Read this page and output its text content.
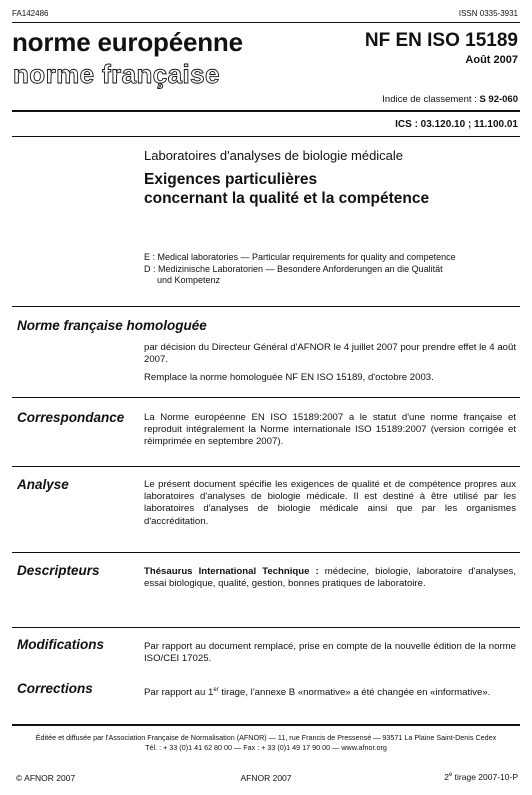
FA142486	ISSN 0335-3931
norme européenne
norme française
NF EN ISO 15189
Août 2007
Indice de classement : S 92-060
ICS : 03.120.10 ; 11.100.01
Laboratoires d'analyses de biologie médicale
Exigences particulières
concernant la qualité et la compétence
E : Medical laboratories — Particular requirements for quality and competence
D : Medizinische Laboratorien — Besondere Anforderungen an die Qualität
und Kompetenz
Norme française homologuée
par décision du Directeur Général d'AFNOR le 4 juillet 2007 pour prendre effet le 4 août 2007.
Remplace la norme homologuée NF EN ISO 15189, d'octobre 2003.
Correspondance La Norme européenne EN ISO 15189:2007 a le statut d'une norme française et reproduit intégralement la Norme internationale ISO 15189:2007 (version corrigée et réimprimée en septembre 2007).
Analyse	Le présent document spécifie les exigences de qualité et de compétence propres aux laboratoires d'analyses de biologie médicale. Il est destiné à être utilisé par les laboratoires d'analyses de biologie médicale ainsi que par les organismes d'accréditation.
Descripteurs	Thésaurus International Technique : médecine, biologie, laboratoire d'analyses, essai biologique, qualité, gestion, bonnes pratiques de laboratoire.
Modifications	Par rapport au document remplacé, prise en compte de la nouvelle édition de la norme ISO/CEI 17025.
Corrections	Par rapport au 1er tirage, l'annexe B «normative» a été changée en «informative».
Éditée et diffusée par l'Association Française de Normalisation (AFNOR) — 11, rue Francis de Pressensé — 93571 La Plaine Saint-Denis Cedex
Tél. : + 33 (0)1 41 62 80 00 — Fax : + 33 (0)1 49 17 90 00 — www.afnor.org
© AFNOR 2007	AFNOR 2007	2e tirage 2007-10-P
